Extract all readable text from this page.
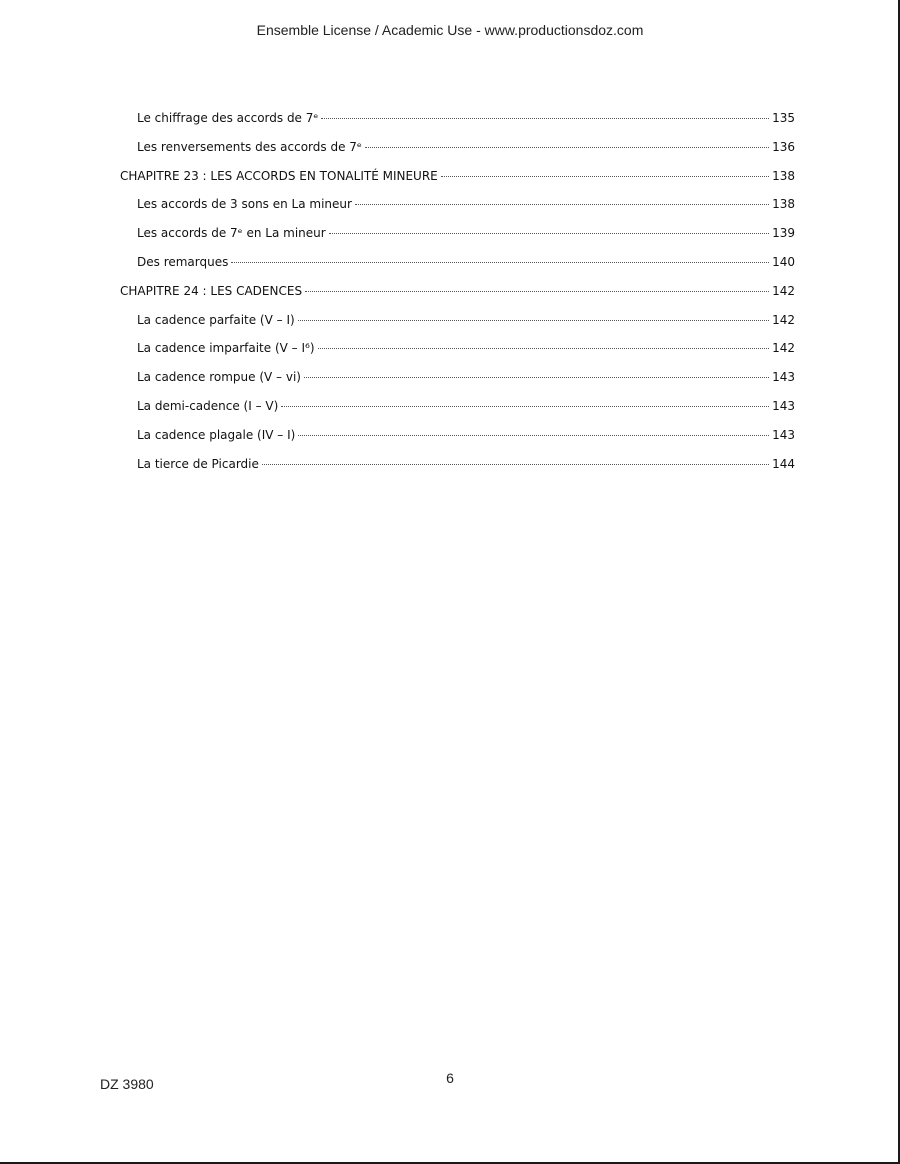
Ensemble License / Academic Use - www.productionsdoz.com
Le chiffrage des accords de 7ᵉ	135
Les renversements des accords de 7ᵉ	136
CHAPITRE 23 : LES ACCORDS EN TONALITÉ MINEURE	138
Les accords de 3 sons en La mineur	138
Les accords de 7ᵉ en La mineur	139
Des remarques	140
CHAPITRE 24 : LES CADENCES	142
La cadence parfaite (V – I)	142
La cadence imparfaite (V – I⁶)	142
La cadence rompue (V – vi)	143
La demi-cadence (I – V)	143
La cadence plagale (IV – I)	143
La tierce de Picardie	144
DZ 3980	6
